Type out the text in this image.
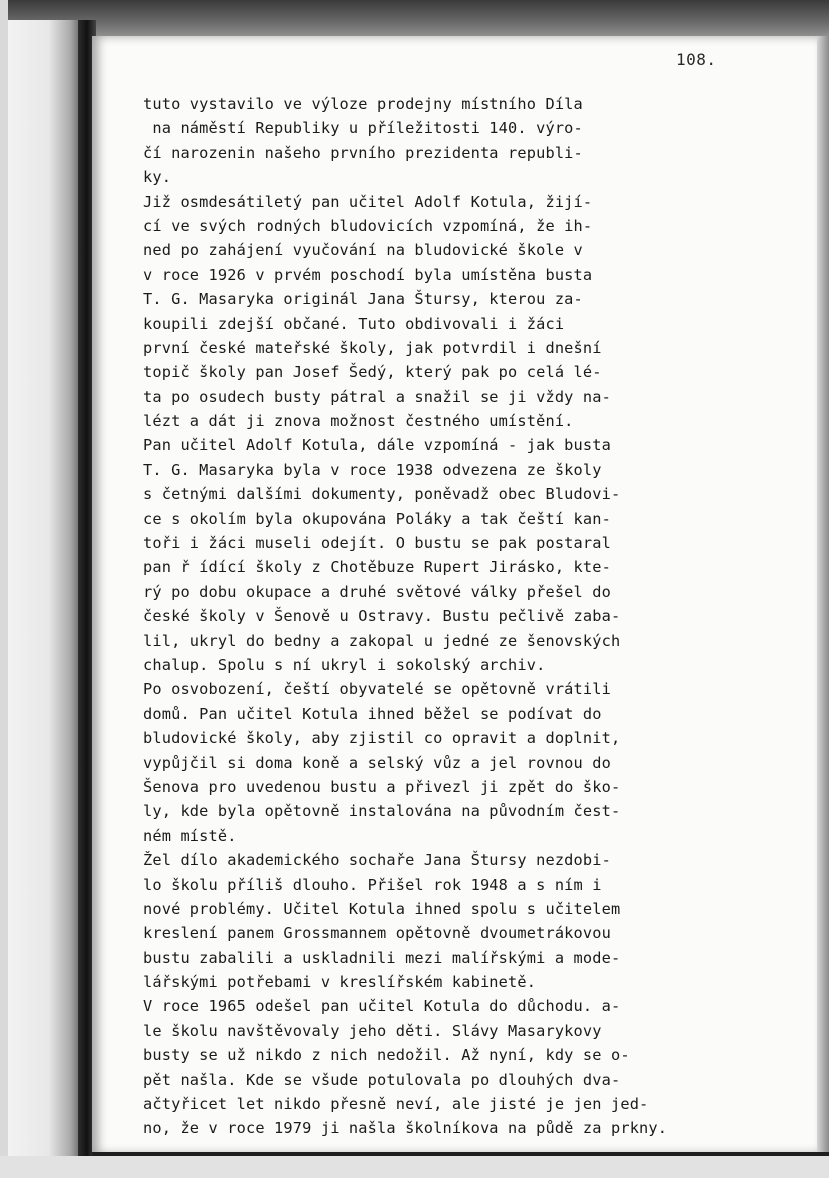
108.
tuto vystavilo ve výloze prodejny místního Díla
na náměstí Republiky u příležitosti 140. výro-
čí narozenin našeho prvního prezidenta republi-
ky.
Již osmdesátiletý pan učitel Adolf Kotula, žijí-
cí ve svých rodných bludovicích vzpomíná, že ih-
ned po zahájení vyučování na bludovické škole v
v roce 1926 v prvém poschodí byla umístěna busta
T. G. Masaryka originál Jana Štursy, kterou za-
koupili zdejší občané. Tuto obdivovali i žáci
první české mateřské školy, jak potvrdil i dnešní
topič školy pan Josef Šedý, který pak po celá lé-
ta po osudech busty pátral a snažil se ji vždy na-
lézt a dát ji znova možnost čestného umístění.
Pan učitel Adolf Kotula, dále vzpomíná - jak busta
T. G. Masaryka byla v roce 1938 odvezena ze školy
s četnými dalšími dokumenty, poněvadž obec Bludovi-
ce s okolím byla okupována Poláky a tak čeští kan-
toři i žáci museli odejít. O bustu se pak postaral
pan ř ídící školy z Chotěbuze Rupert Jirásko, kte-
rý po dobu okupace a druhé světové války přešel do
české školy v Šenově u Ostravy. Bustu pečlivě zaba-
lil, ukryl do bedny a zakopal u jedné ze šenovských
chalup. Spolu s ní ukryl i sokolský archiv.
Po osvobození, čeští obyvatelé se opětovně vrátili
domů. Pan učitel Kotula ihned běžel se podívat do
bludovické školy, aby zjistil co opravit a doplnit,
vypůjčil si doma koně a selský vůz a jel rovnou do
Šenova pro uvedenou bustu a přivezl ji zpět do ško-
ly, kde byla opětovně instalována na původním čest-
ném místě.
Žel dílo akademického sochaře Jana Štursy nezdobi-
lo školu příliš dlouho. Přišel rok 1948 a s ním i
nové problémy. Učitel Kotula ihned spolu s učitelem
kreslení panem Grossmannem opětovně dvoumetrákovou
bustu zabalili a uskladnili mezi malířskými a mode-
lářskými potřebami v kreslířském kabinetě.
V roce 1965 odešel pan učitel Kotula do důchodu. a-
le školu navštěvovaly jeho děti. Slávy Masarykovy
busty se už nikdo z nich nedožil. Až nyní, kdy se o-
pět našla. Kde se všude potulovala po dlouhých dva-
ačtyřicet let nikdo přesně neví, ale jisté je jen jed-
no, že v roce 1979 ji našla školníkova na půdě za prkny.
